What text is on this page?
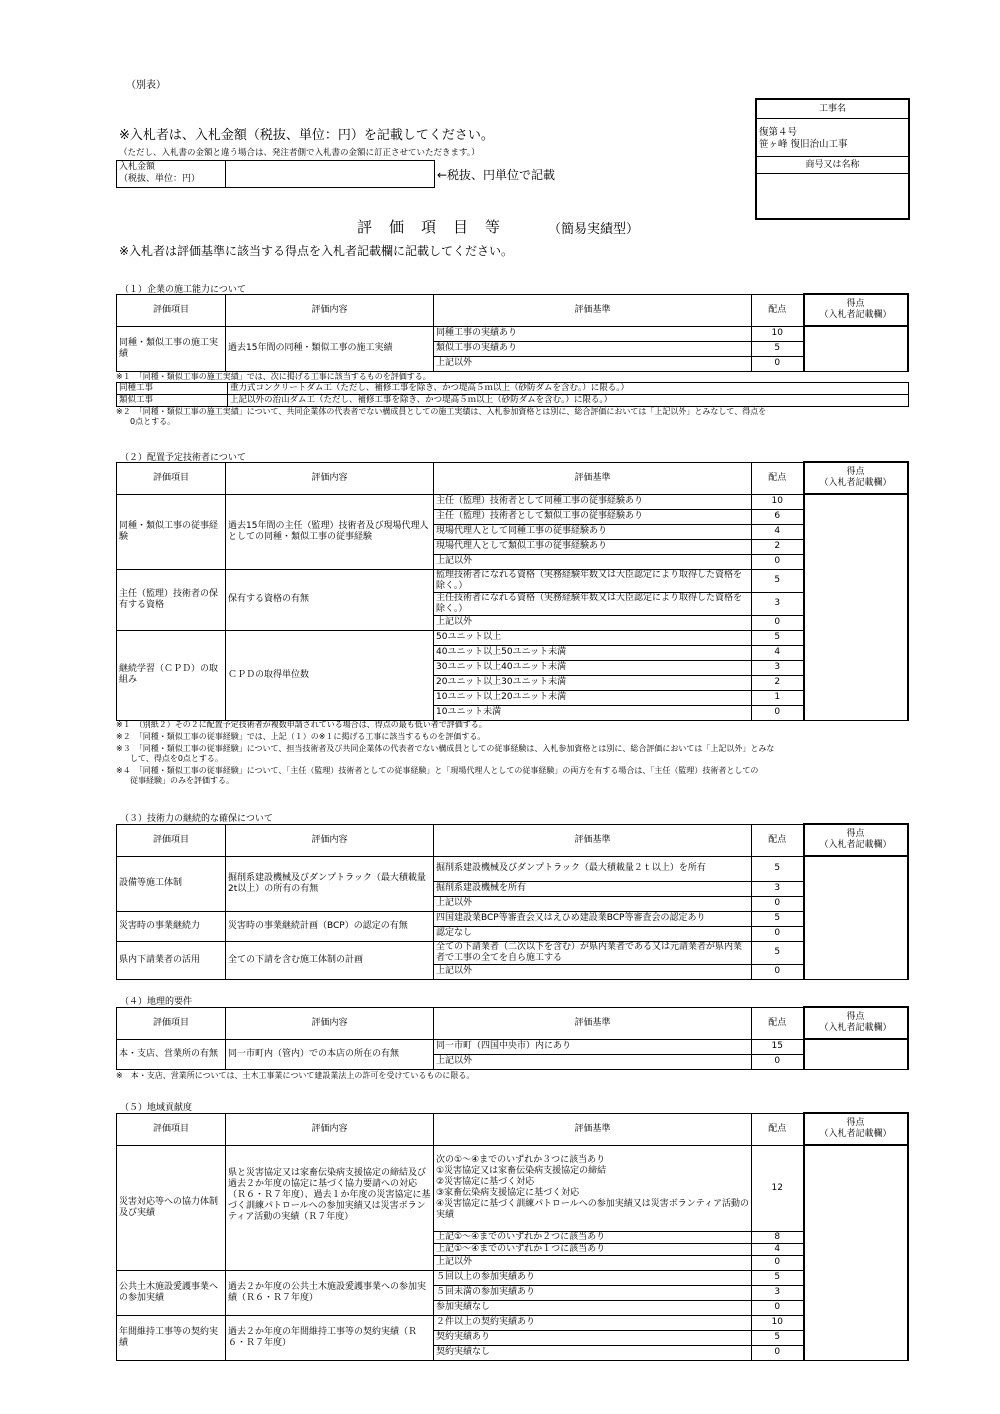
（別表）
※入札者は、入札金額（税抜、単位：円）を記載してください。
（ただし、入札書の金額と違う場合は、発注者側で入札書の金額に訂正させていただきます。）
入札金額
（税抜、単位：円）	←税抜、円単位で記載
工事名
復第４号
笹ヶ峰 復旧治山工事
商号又は名称
評　価　項　目　等	（簡易実績型）
※入札者は評価基準に該当する得点を入札者記載欄に記載してください。
（１）企業の施工能力について
評価項目	評価内容	評価基準	配点	得点
（入札者記載欄）

同種・類似工事の施工実績	過去15年間の同種・類似工事の施工実績	同種工事の実績あり	10	
		類似工事の実績あり	5	
		上記以外	0	
※１　「同種・類似工事の施工実績」では、次に掲げる工事に該当するものを評価する。
同種工事	重力式コンクリートダム工（ただし、補修工事を除き、かつ堤高５ｍ以上（砂防ダムを含む。）に限る。）
類似工事	上記以外の治山ダム工（ただし、補修工事を除き、かつ堤高５ｍ以上（砂防ダムを含む。）に限る。）
※２　「同種・類似工事の施工実績」について、共同企業体の代表者でない構成員としての施工実績は、入札参加資格とは別に、総合評価においては「上記以外」とみなして、得点を
0点とする。
（２）配置予定技術者について
評価項目	評価内容	評価基準	配点	得点
（入札者記載欄）

同種・類似工事の従事経験	過去15年間の主任（監理）技術者及び現場代理人としての同種・類似工事の従事経験	主任（監理）技術者として同種工事の従事経験あり	10	
		主任（監理）技術者として類似工事の従事経験あり	6	
		現場代理人として同種工事の従事経験あり	4	
		現場代理人として類似工事の従事経験あり	2	
		上記以外	0	
主任（監理）技術者の保有する資格	保有する資格の有無	監理技術者になれる資格（実務経験年数又は大臣認定により取得した資格を除く。）	5	
		主任技術者になれる資格（実務経験年数又は大臣認定により取得した資格を除く。）	3	
		上記以外	0	
継続学習（ＣＰＤ）の取組み	ＣＰＤの取得単位数	50ユニット以上	5	
		40ユニット以上50ユニット未満	4	
		30ユニット以上40ユニット未満	3	
		20ユニット以上30ユニット未満	2	
		10ユニット以上20ユニット未満	1	
		10ユニット未満	0	
※１　（別紙２）その２に配置予定技術者が複数申請されている場合は、得点の最も低い者で評価する。
※２　「同種・類似工事の従事経験」では、上記（１）の※１に掲げる工事に該当するものを評価する。
※３　「同種・類似工事の従事経験」について、担当技術者及び共同企業体の代表者でない構成員としての従事経験は、入札参加資格とは別に、総合評価においては「上記以外」とみな
して、得点を0点とする。
※４　「同種・類似工事の従事経験」について、「主任（監理）技術者としての従事経験」と「現場代理人としての従事経験」の両方を有する場合は、「主任（監理）技術者としての
従事経験」のみを評価する。
（３）技術力の継続的な確保について
評価項目	評価内容	評価基準	配点	得点
（入札者記載欄）

設備等施工体制	掘削系建設機械及びダンプトラック（最大積載量2t以上）の所有の有無	掘削系建設機械及びダンプトラック（最大積載量２ｔ以上）を所有	5	
		掘削系建設機械を所有	3	
		上記以外	0	
災害時の事業継続力	災害時の事業継続計画（BCP）の認定の有無	四国建設業BCP等審査会又はえひめ建設業BCP等審査会の認定あり	5	
		認定なし	0	
県内下請業者の活用	全ての下請を含む施工体制の計画	全ての下請業者（二次以下を含む）が県内業者である又は元請業者が県内業者で工事の全てを自ら施工する	5	
		上記以外	0	
（４）地理的要件
評価項目	評価内容	評価基準	配点	得点
（入札者記載欄）

本・支店、営業所の有無	同一市町内（管内）での本店の所在の有無	同一市町（四国中央市）内にあり	15	
		上記以外	0	
※　本・支店、営業所については、土木工事業について建設業法上の許可を受けているものに限る。
（５）地域貢献度
評価項目	評価内容	評価基準	配点	得点
（入札者記載欄）

災害対応等への協力体制及び実績	県と災害協定又は家畜伝染病支援協定の締結及び過去２か年度の協定に基づく協力要請への対応（Ｒ６・Ｒ７年度）、過去１か年度の災害協定に基づく訓練パトロールへの参加実績又は災害ボランティア活動の実績（Ｒ７年度）	次の①～④までのいずれか３つに該当あり
①災害協定又は家畜伝染病支援協定の締結
②災害協定に基づく対応
③家畜伝染病支援協定に基づく対応
④災害協定に基づく訓練パトロールへの参加実績又は災害ボランティア活動の実績	12	
		上記①～④までのいずれか２つに該当あり	8	
		上記①～④までのいずれか１つに該当あり	4	
		上記以外	0	
公共土木施設愛護事業への参加実績	過去２か年度の公共土木施設愛護事業への参加実績（Ｒ６・Ｒ７年度）	５回以上の参加実績あり	5	
		５回未満の参加実績あり	3	
		参加実績なし	0	
年間維持工事等の契約実績	過去２か年度の年間維持工事等の契約実績（Ｒ６・Ｒ７年度）	２件以上の契約実績あり	10	
		契約実績あり	5	
		契約実績なし	0	
